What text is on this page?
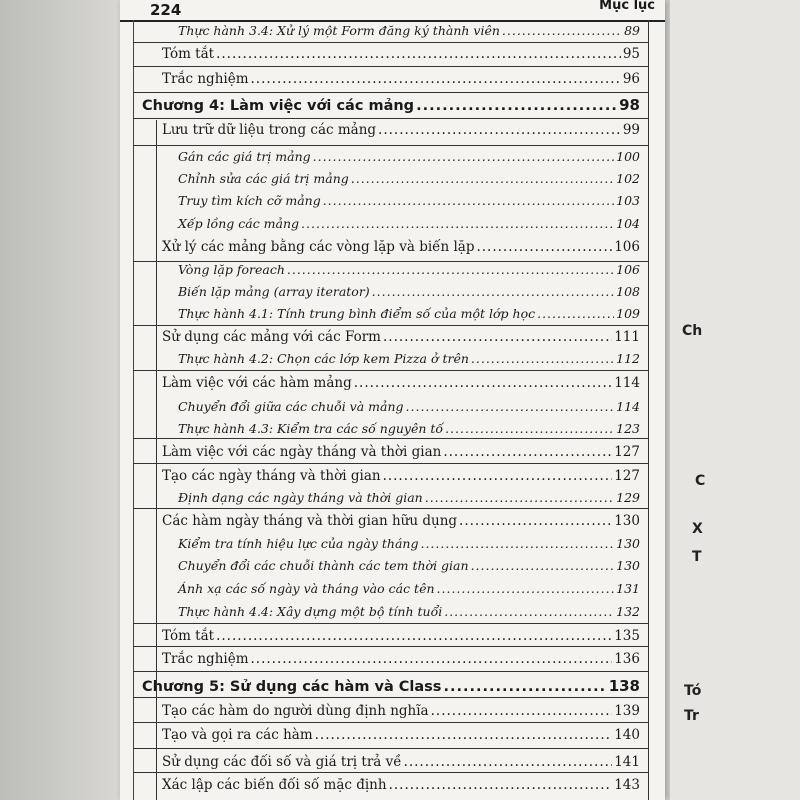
224	Mục lục
Thực hành 3.4: Xử lý một Form đăng ký thành viên .....	89
Tóm tắt .....	95
Trắc nghiệm .....	96
Chương 4: Làm việc với các mảng .....	98
Lưu trữ dữ liệu trong các mảng .....	99
Gán các giá trị mảng .....	100
Chỉnh sửa các giá trị mảng .....	102
Truy tìm kích cỡ mảng .....	103
Xếp lồng các mảng .....	104
Xử lý các mảng bằng các vòng lặp và biến lặp .....	106
Vòng lặp foreach .....	106
Biến lặp mảng (array iterator) .....	108
Thực hành 4.1: Tính trung bình điểm số của một lớp học .....	109
Sử dụng các mảng với các Form .....	111
Thực hành 4.2: Chọn các lớp kem Pizza ở trên .....	112
Làm việc với các hàm mảng .....	114
Chuyển đổi giữa các chuỗi và mảng .....	114
Thực hành 4.3: Kiểm tra các số nguyên tố .....	123
Làm việc với các ngày tháng và thời gian .....	127
Tạo các ngày tháng và thời gian .....	127
Định dạng các ngày tháng và thời gian .....	129
Các hàm ngày tháng và thời gian hữu dụng .....	130
Kiểm tra tính hiệu lực của ngày tháng .....	130
Chuyển đổi các chuỗi thành các tem thời gian .....	130
Ánh xạ các số ngày và tháng vào các tên .....	131
Thực hành 4.4: Xây dựng một bộ tính tuổi .....	132
Tóm tắt .....	135
Trắc nghiệm .....	136
Chương 5: Sử dụng các hàm và Class .....	138
Tạo các hàm do người dùng định nghĩa .....	139
Tạo và gọi ra các hàm .....	140
Sử dụng các đối số và giá trị trả về .....	141
Xác lập các biến đối số mặc định .....	143
Ch
C
X
T
Tó
Tr
